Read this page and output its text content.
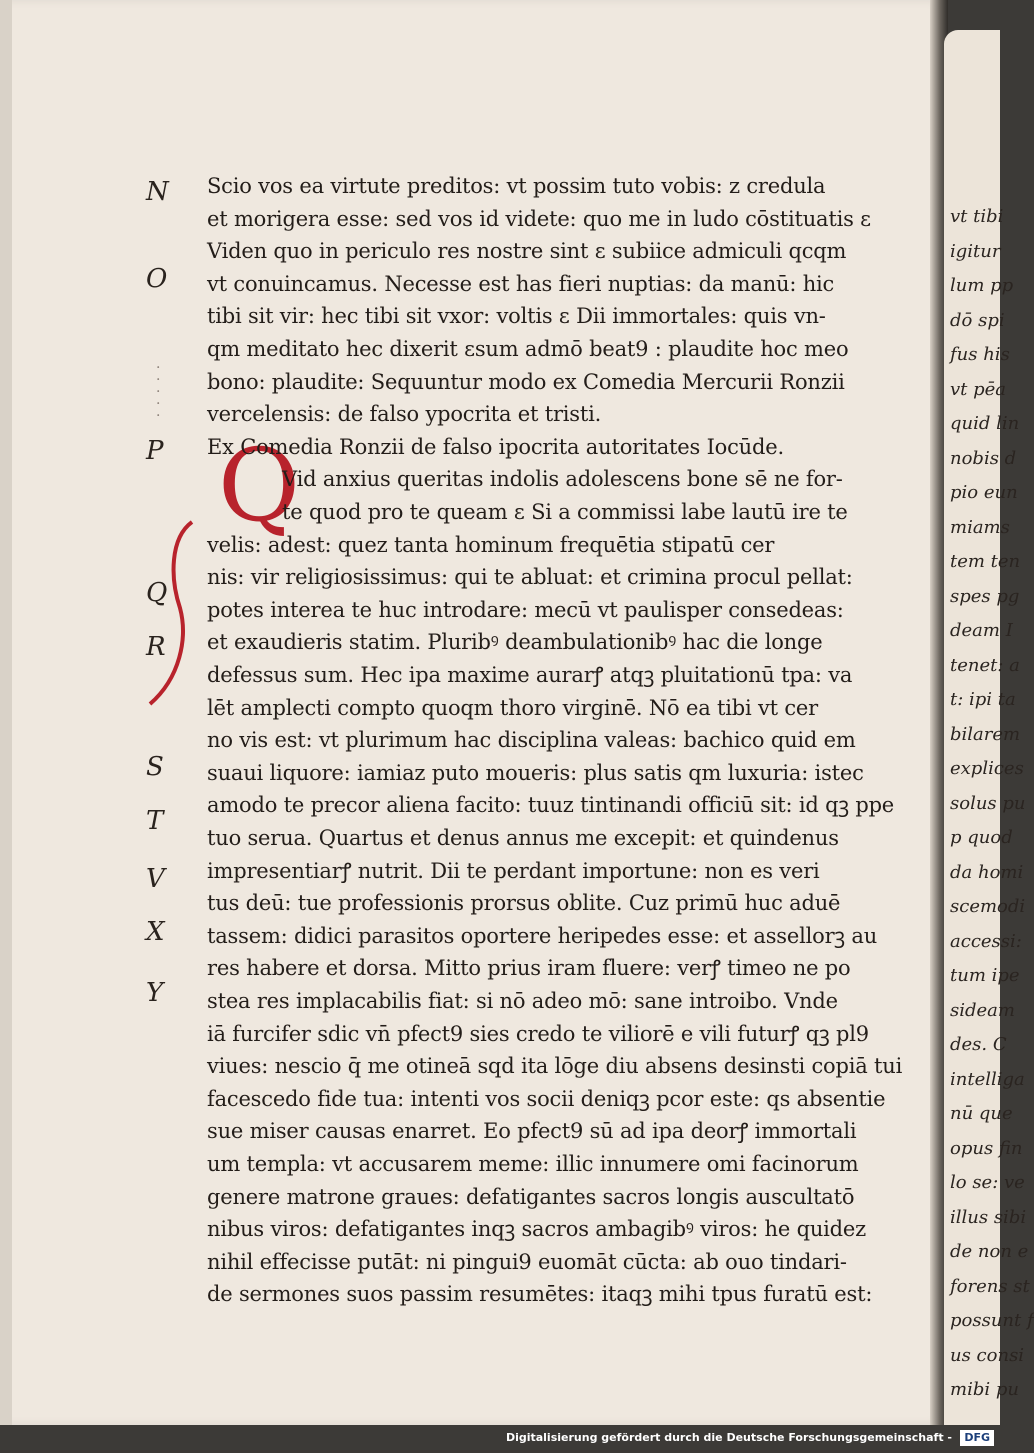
N
O
P
Q
R
S
T
V
X
Y
·
·
·
·
·
Q
Scio vos ea virtute preditos: vt possim tuto vobis: z credula
et morigera esse: sed vos id videte: quo me in ludo cōstituatis ɛ
Viden quo in periculo res nostre sint ɛ subiice admiculi qcqm
vt conuincamus. Necesse est has fieri nuptias: da manū: hic
tibi sit vir: hec tibi sit vxor: voltis ɛ Dii immortales: quis vn-
qm meditato hec dixerit ɛsum admō beat9 : plaudite hoc meo
bono: plaudite: Sequuntur modo ex Comedia Mercurii Ronzii
vercelensis: de falso ypocrita et tristi.
Ex Comedia Ronzii de falso ipocrita autoritates Iocūde.
Vid anxius queritas indolis adolescens bone sē ne for-
te quod pro te queam ɛ Si a commissi labe lautū ire te
velis: adest: quez tanta hominum frequētia stipatū cer
nis: vir religiosissimus: qui te abluat: et crimina procul pellat:
potes interea te huc introdare: mecū vt paulisper consedeas:
et exaudieris statim. Pluribꝰ deambulationibꝰ hac die longe
defessus sum. Hec ipa maxime aurarꝭ atqꝫ pluitationū tpa: va
lēt amplecti compto quoqm thoro virginē. Nō ea tibi vt cer
no vis est: vt plurimum hac disciplina valeas: bachico quid em
suaui liquore: iamiaz puto moueris: plus satis qm luxuria: istec
amodo te precor aliena facito: tuuz tintinandi officiū sit: id qꝫ ppe
tuo serua. Quartus et denus annus me excepit: et quindenus
impresentiarꝭ nutrit. Dii te perdant importune: non es veri
tus deū: tue professionis prorsus oblite. Cuz primū huc aduē
tassem: didici parasitos oportere heripedes esse: et assellorꝫ au
res habere et dorsa. Mitto prius iram fluere: verꝭ timeo ne po
stea res implacabilis fiat: si nō adeo mō: sane introibo. Vnde
iā furcifer sdic vn̄ pfect9 sies credo te viliorē e vili futurꝭ qꝫ pl9
viues: nescio q̄ me otineā sqd ita lōge diu absens desinsti copiā tui
facescedo fide tua: intenti vos socii deniqꝫ pcor este: qs absentie
sue miser causas enarret. Eo pfect9 sū ad ipa deorꝭ immortali
um templa: vt accusarem meme: illic innumere omi facinorum
genere matrone graues: defatigantes sacros longis auscultatō
nibus viros: defatigantes inqꝫ sacros ambagibꝰ viros: he quidez
nihil effecisse putāt: ni pingui9 euomāt cūcta: ab ouo tindari-
de sermones suos passim resumētes: itaqꝫ mihi tpus furatū est:
vt tibi
igitur
lum pp
dō spi
fus his
vt pēa
quid lin
nobis d
pio eun
miams
tem ten
spes pg
deam I
tenet: a
t: ipi ta
bilarem
explices
solus pu
p quod
da homi
scemodi
accessi:
tum ipe
sideam
des. C
intelliga
nū que
opus fin
lo se: ve
illus sibi
de non e
forens st
possunt f
us consi
mibi pu
Digitalisierung gefördert durch die Deutsche Forschungsgemeinschaft -	DFG
